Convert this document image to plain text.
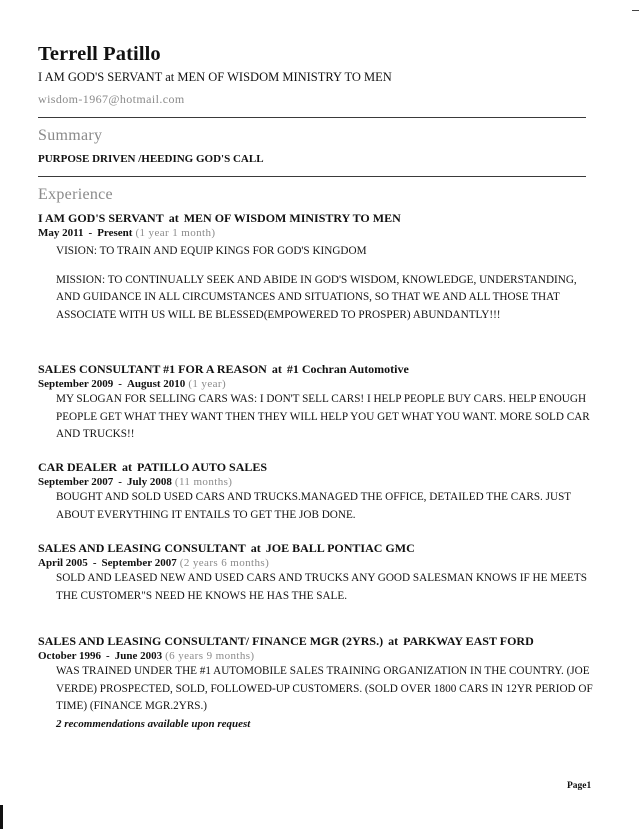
Terrell Patillo
I AM GOD'S SERVANT at MEN OF WISDOM MINISTRY TO MEN
wisdom-1967@hotmail.com
Summary
PURPOSE DRIVEN /HEEDING GOD'S CALL
Experience
I AM GOD'S SERVANT at MEN OF WISDOM MINISTRY TO MEN
May 2011 - Present (1 year 1 month)
VISION: TO TRAIN AND EQUIP KINGS FOR GOD'S KINGDOM
MISSION: TO CONTINUALLY SEEK AND ABIDE IN GOD'S WISDOM, KNOWLEDGE, UNDERSTANDING, AND GUIDANCE IN ALL CIRCUMSTANCES AND SITUATIONS, SO THAT WE AND ALL THOSE THAT ASSOCIATE WITH US WILL BE BLESSED(EMPOWERED TO PROSPER) ABUNDANTLY!!!
SALES CONSULTANT #1 FOR A REASON at #1 Cochran Automotive
September 2009 - August 2010 (1 year)
MY SLOGAN FOR SELLING CARS WAS: I DON'T SELL CARS! I HELP PEOPLE BUY CARS. HELP ENOUGH PEOPLE GET WHAT THEY WANT THEN THEY WILL HELP YOU GET WHAT YOU WANT. MORE SOLD CAR AND TRUCKS!!
CAR DEALER at PATILLO AUTO SALES
September 2007 - July 2008 (11 months)
BOUGHT AND SOLD USED CARS AND TRUCKS.MANAGED THE OFFICE, DETAILED THE CARS. JUST ABOUT EVERYTHING IT ENTAILS TO GET THE JOB DONE.
SALES AND LEASING CONSULTANT at JOE BALL PONTIAC GMC
April 2005 - September 2007 (2 years 6 months)
SOLD AND LEASED NEW AND USED CARS AND TRUCKS ANY GOOD SALESMAN KNOWS IF HE MEETS THE CUSTOMER"S NEED HE KNOWS HE HAS THE SALE.
SALES AND LEASING CONSULTANT/ FINANCE MGR (2YRS.) at PARKWAY EAST FORD
October 1996 - June 2003 (6 years 9 months)
WAS TRAINED UNDER THE #1 AUTOMOBILE SALES TRAINING ORGANIZATION IN THE COUNTRY. (JOE VERDE) PROSPECTED, SOLD, FOLLOWED-UP CUSTOMERS. (SOLD OVER 1800 CARS IN 12YR PERIOD OF TIME) (FINANCE MGR.2YRS.)
2 recommendations available upon request
Page1
